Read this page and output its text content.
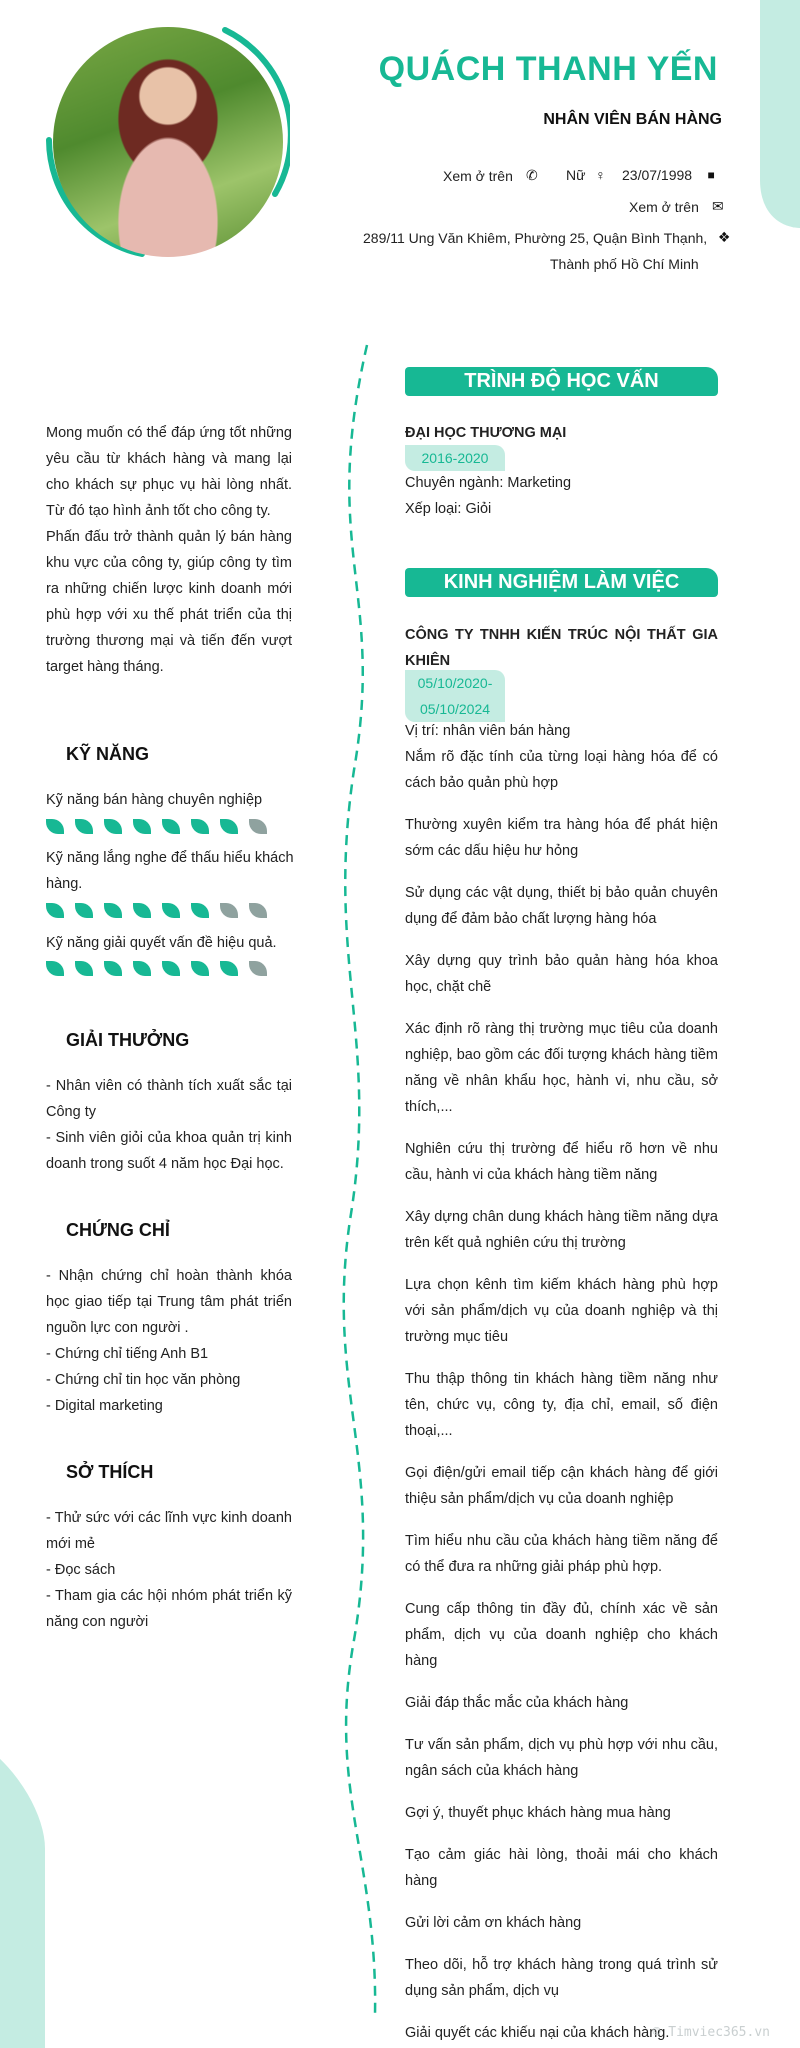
QUÁCH THANH YẾN
NHÂN VIÊN BÁN HÀNG
Xem ở trên ✆ Nữ ♀ 23/07/1998	■
Xem ở trên ✉
289/11 Ung Văn Khiêm, Phường 25, Quận Bình Thạnh, ❖
Thành phố Hồ Chí Minh
Mong muốn có thể đáp ứng tốt những yêu cầu từ khách hàng và mang lại cho khách sự phục vụ hài lòng nhất. Từ đó tạo hình ảnh tốt cho công ty.
Phấn đấu trở thành quản lý bán hàng khu vực của công ty, giúp công ty tìm ra những chiến lược kinh doanh mới phù hợp với xu thế phát triển của thị trường thương mại và tiến đến vượt target hàng tháng.
KỸ NĂNG
Kỹ năng bán hàng chuyên nghiệp
Kỹ năng lắng nghe để thấu hiểu khách hàng.
Kỹ năng giải quyết vấn đề hiệu quả.
GIẢI THƯỞNG
- Nhân viên có thành tích xuất sắc tại Công ty
- Sinh viên giỏi của khoa quản trị kinh doanh trong suốt 4 năm học Đại học.
CHỨNG CHỈ
- Nhận chứng chỉ hoàn thành khóa học giao tiếp tại Trung tâm phát triển nguồn lực con người .
- Chứng chỉ tiếng Anh B1
- Chứng chỉ tin học văn phòng
- Digital marketing
SỞ THÍCH
- Thử sức với các lĩnh vực kinh doanh mới mẻ
- Đọc sách
- Tham gia các hội nhóm phát triển kỹ năng con người
TRÌNH ĐỘ HỌC VẤN
ĐẠI HỌC THƯƠNG MẠI
2016-2020
Chuyên ngành: Marketing
Xếp loại: Giỏi
KINH NGHIỆM LÀM VIỆC
CÔNG TY TNHH KIẾN TRÚC NỘI THẤT GIA KHIÊN
05/10/2020-
05/10/2024
Vị trí: nhân viên bán hàng

Nắm rõ đặc tính của từng loại hàng hóa để có cách bảo quản phù hợp

Thường xuyên kiểm tra hàng hóa để phát hiện sớm các dấu hiệu hư hỏng

Sử dụng các vật dụng, thiết bị bảo quản chuyên dụng để đảm bảo chất lượng hàng hóa

Xây dựng quy trình bảo quản hàng hóa khoa học, chặt chẽ

Xác định rõ ràng thị trường mục tiêu của doanh nghiệp, bao gồm các đối tượng khách hàng tiềm năng về nhân khẩu học, hành vi, nhu cầu, sở thích,...

Nghiên cứu thị trường để hiểu rõ hơn về nhu cầu, hành vi của khách hàng tiềm năng

Xây dựng chân dung khách hàng tiềm năng dựa trên kết quả nghiên cứu thị trường

Lựa chọn kênh tìm kiếm khách hàng phù hợp với sản phẩm/dịch vụ của doanh nghiệp và thị trường mục tiêu

Thu thập thông tin khách hàng tiềm năng như tên, chức vụ, công ty, địa chỉ, email, số điện thoại,...

Gọi điện/gửi email tiếp cận khách hàng để giới thiệu sản phẩm/dịch vụ của doanh nghiệp

Tìm hiểu nhu cầu của khách hàng tiềm năng để có thể đưa ra những giải pháp phù hợp.

Cung cấp thông tin đầy đủ, chính xác về sản phẩm, dịch vụ của doanh nghiệp cho khách hàng

Giải đáp thắc mắc của khách hàng

Tư vấn sản phẩm, dịch vụ phù hợp với nhu cầu, ngân sách của khách hàng

Gợi ý, thuyết phục khách hàng mua hàng

Tạo cảm giác hài lòng, thoải mái cho khách hàng

Gửi lời cảm ơn khách hàng

Theo dõi, hỗ trợ khách hàng trong quá trình sử dụng sản phẩm, dịch vụ

Giải quyết các khiếu nại của khách hàng.

© Timviec365.vn
